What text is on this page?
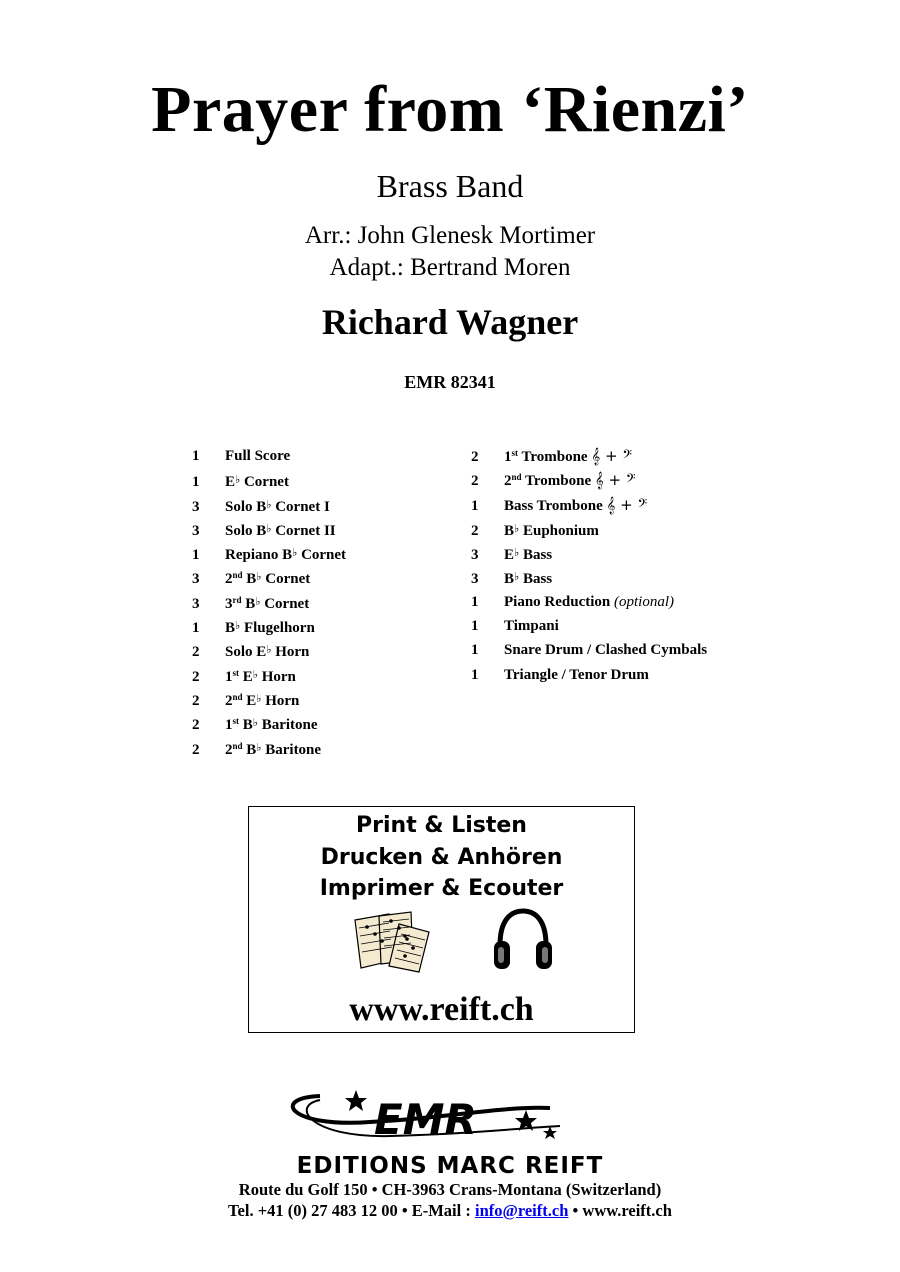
Prayer from ‘Rienzi’
Brass Band
Arr.: John Glenesk Mortimer
Adapt.: Bertrand Moren
Richard Wagner
EMR 82341
1 Full Score
1 E♭ Cornet
3 Solo B♭ Cornet I
3 Solo B♭ Cornet II
1 Repiano B♭ Cornet
3 2nd B♭ Cornet
3 3rd B♭ Cornet
1 B♭ Flugelhorn
2 Solo E♭ Horn
2 1st E♭ Horn
2 2nd E♭ Horn
2 1st B♭ Baritone
2 2nd B♭ Baritone
2 1st Trombone 𝄞 + 𝄢
2 2nd Trombone 𝄞 + 𝄢
1 Bass Trombone 𝄞 + 𝄢
2 B♭ Euphonium
3 E♭ Bass
3 B♭ Bass
1 Piano Reduction (optional)
1 Timpani
1 Snare Drum / Clashed Cymbals
1 Triangle / Tenor Drum
Print & Listen
Drucken & Anhören
Imprimer & Ecouter
www.reift.ch
EMR
EDITIONS MARC REIFT
Route du Golf 150 • CH-3963 Crans-Montana (Switzerland)
Tel. +41 (0) 27 483 12 00 • E-Mail : info@reift.ch • www.reift.ch
